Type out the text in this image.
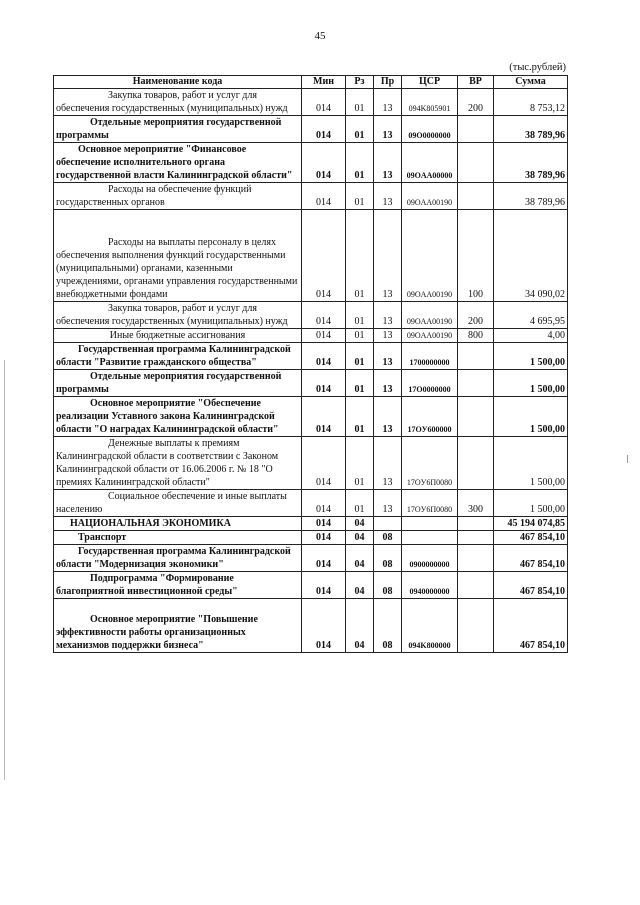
45
(тыс.рублей)
Наименование кода	Мин	Рз	Пр	ЦСР	ВР	Сумма
Закупка товаров, работ и услуг для обеспечения государственных (муниципальных) нужд	014	01	13	094K805901	200	8 753,12
Отдельные мероприятия государственной программы	014	01	13	09O0000000		38 789,96
Основное мероприятие "Финансовое обеспечение исполнительного органа государственной власти Калининградской области"	014	01	13	09OAA00000		38 789,96
Расходы на обеспечение функций государственных органов	014	01	13	09OAA00190		38 789,96
Расходы на выплаты персоналу в целях обеспечения выполнения функций государственными (муниципальными) органами, казенными учреждениями, органами управления государственными внебюджетными фондами	014	01	13	09OAA00190	100	34 090,02
Закупка товаров, работ и услуг для обеспечения государственных (муниципальных) нужд	014	01	13	09OAA00190	200	4 695,95
Иные бюджетные ассигнования	014	01	13	09OAA00190	800	4,00
Государственная программа Калининградской области "Развитие гражданского общества"	014	01	13	1700000000		1 500,00
Отдельные мероприятия государственной программы	014	01	13	17O0000000		1 500,00
Основное мероприятие "Обеспечение реализации Уставного закона Калининградской области "О наградах Калининградской области"	014	01	13	17OУ600000		1 500,00
Денежные выплаты к премиям Калининградской области в соответствии с Законом Калининградской области от 16.06.2006 г. № 18 "О премиях Калининградской области"	014	01	13	17OУ6П0080		1 500,00
Социальное обеспечение и иные выплаты населению	014	01	13	17OУ6П0080	300	1 500,00
НАЦИОНАЛЬНАЯ ЭКОНОМИКА	014	04				45 194 074,85
Транспорт	014	04	08			467 854,10
Государственная программа Калининградской области "Модернизация экономики"	014	04	08	0900000000		467 854,10
Подпрограмма "Формирование благоприятной инвестиционной среды"	014	04	08	0940000000		467 854,10
Основное мероприятие "Повышение эффективности работы организационных механизмов поддержки бизнеса"	014	04	08	094K800000		467 854,10
